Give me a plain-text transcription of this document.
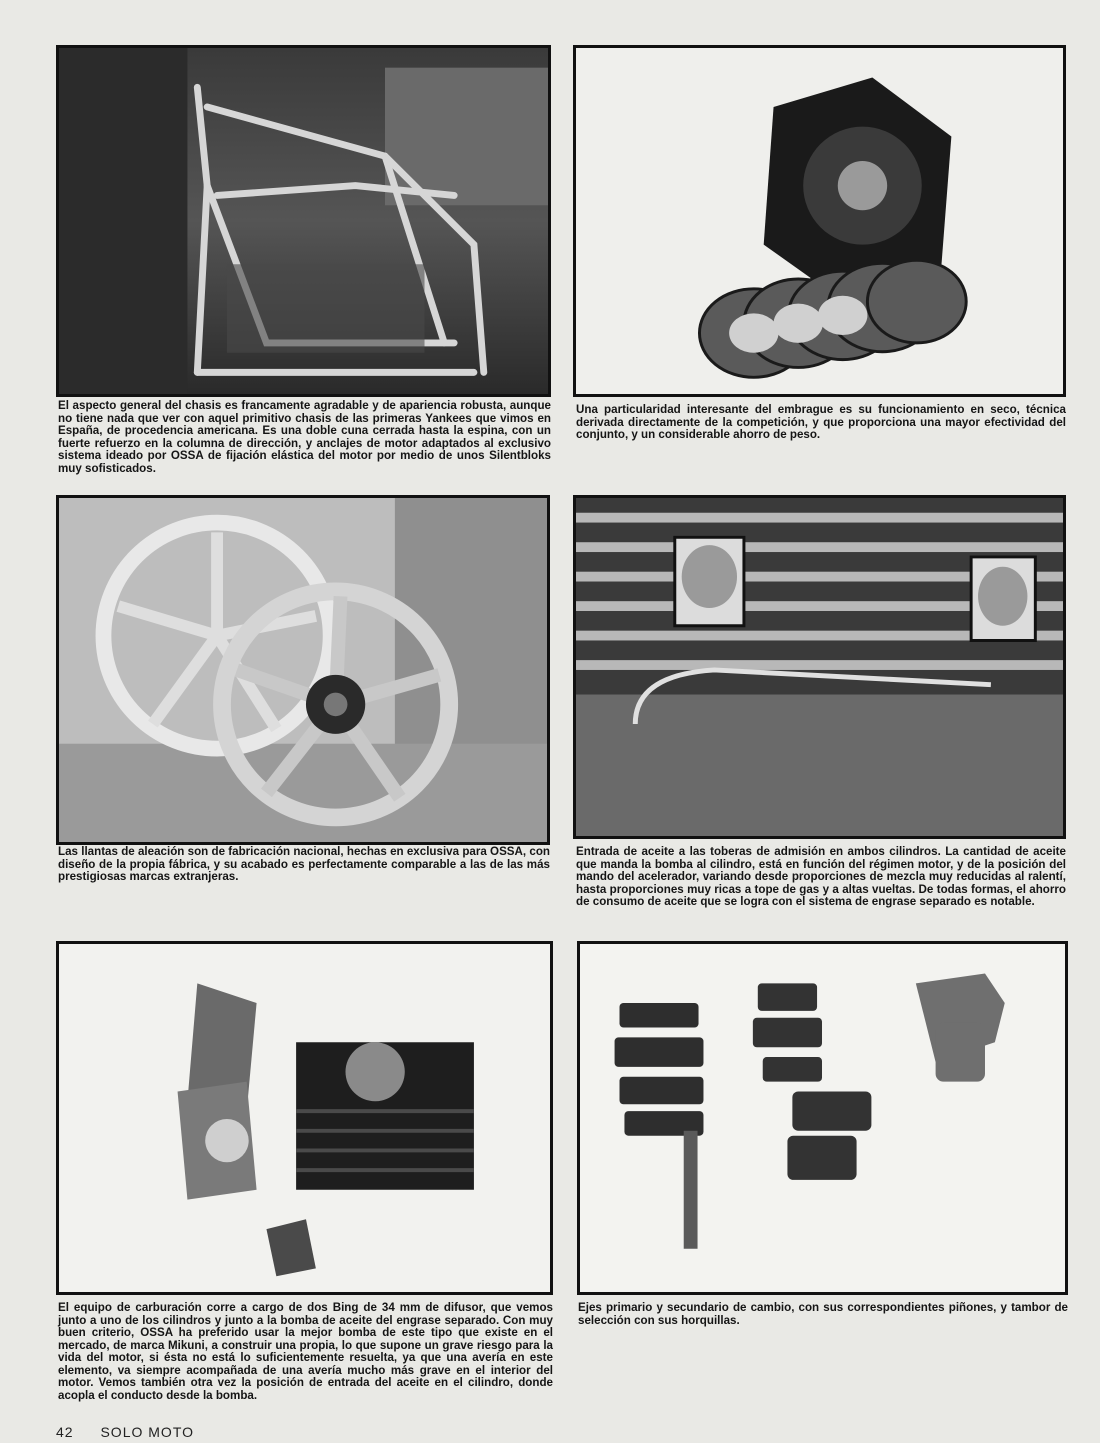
El aspecto general del chasis es francamente agradable y de apariencia robusta, aunque no tiene nada que ver con aquel primitivo chasis de las primeras Yankees que vimos en España, de procedencia americana. Es una doble cuna cerrada hasta la espina, con un fuerte refuerzo en la columna de dirección, y anclajes de motor adaptados al exclusivo sistema ideado por OSSA de fijación elástica del motor por medio de unos Silentbloks muy sofisticados.

Una particularidad interesante del embrague es su funcionamiento en seco, técnica derivada directamente de la competición, y que proporciona una mayor efectividad del conjunto, y un considerable ahorro de peso.

Las llantas de aleación son de fabricación nacional, hechas en exclusiva para OSSA, con diseño de la propia fábrica, y su acabado es perfectamente comparable a las de las más prestigiosas marcas extranjeras.

Entrada de aceite a las toberas de admisión en ambos cilindros. La cantidad de aceite que manda la bomba al cilindro, está en función del régimen motor, y de la posición del mando del acelerador, variando desde proporciones de mezcla muy reducidas al ralentí, hasta proporciones muy ricas a tope de gas y a altas vueltas. De todas formas, el ahorro de consumo de aceite que se logra con el sistema de engrase separado es notable.

El equipo de carburación corre a cargo de dos Bing de 34 mm de difusor, que vemos junto a uno de los cilindros y junto a la bomba de aceite del engrase separado. Con muy buen criterio, OSSA ha preferido usar la mejor bomba de este tipo que existe en el mercado, de marca Mikuni, a construir una propia, lo que supone un grave riesgo para la vida del motor, si ésta no está lo suficientemente resuelta, ya que una avería en este elemento, va siempre acompañada de una avería mucho más grave en el interior del motor. Vemos también otra vez la posición de entrada del aceite en el cilindro, donde acopla el conducto desde la bomba.

Ejes primario y secundario de cambio, con sus correspondientes piñones, y tambor de selección con sus horquillas.

42 SOLO MOTO
